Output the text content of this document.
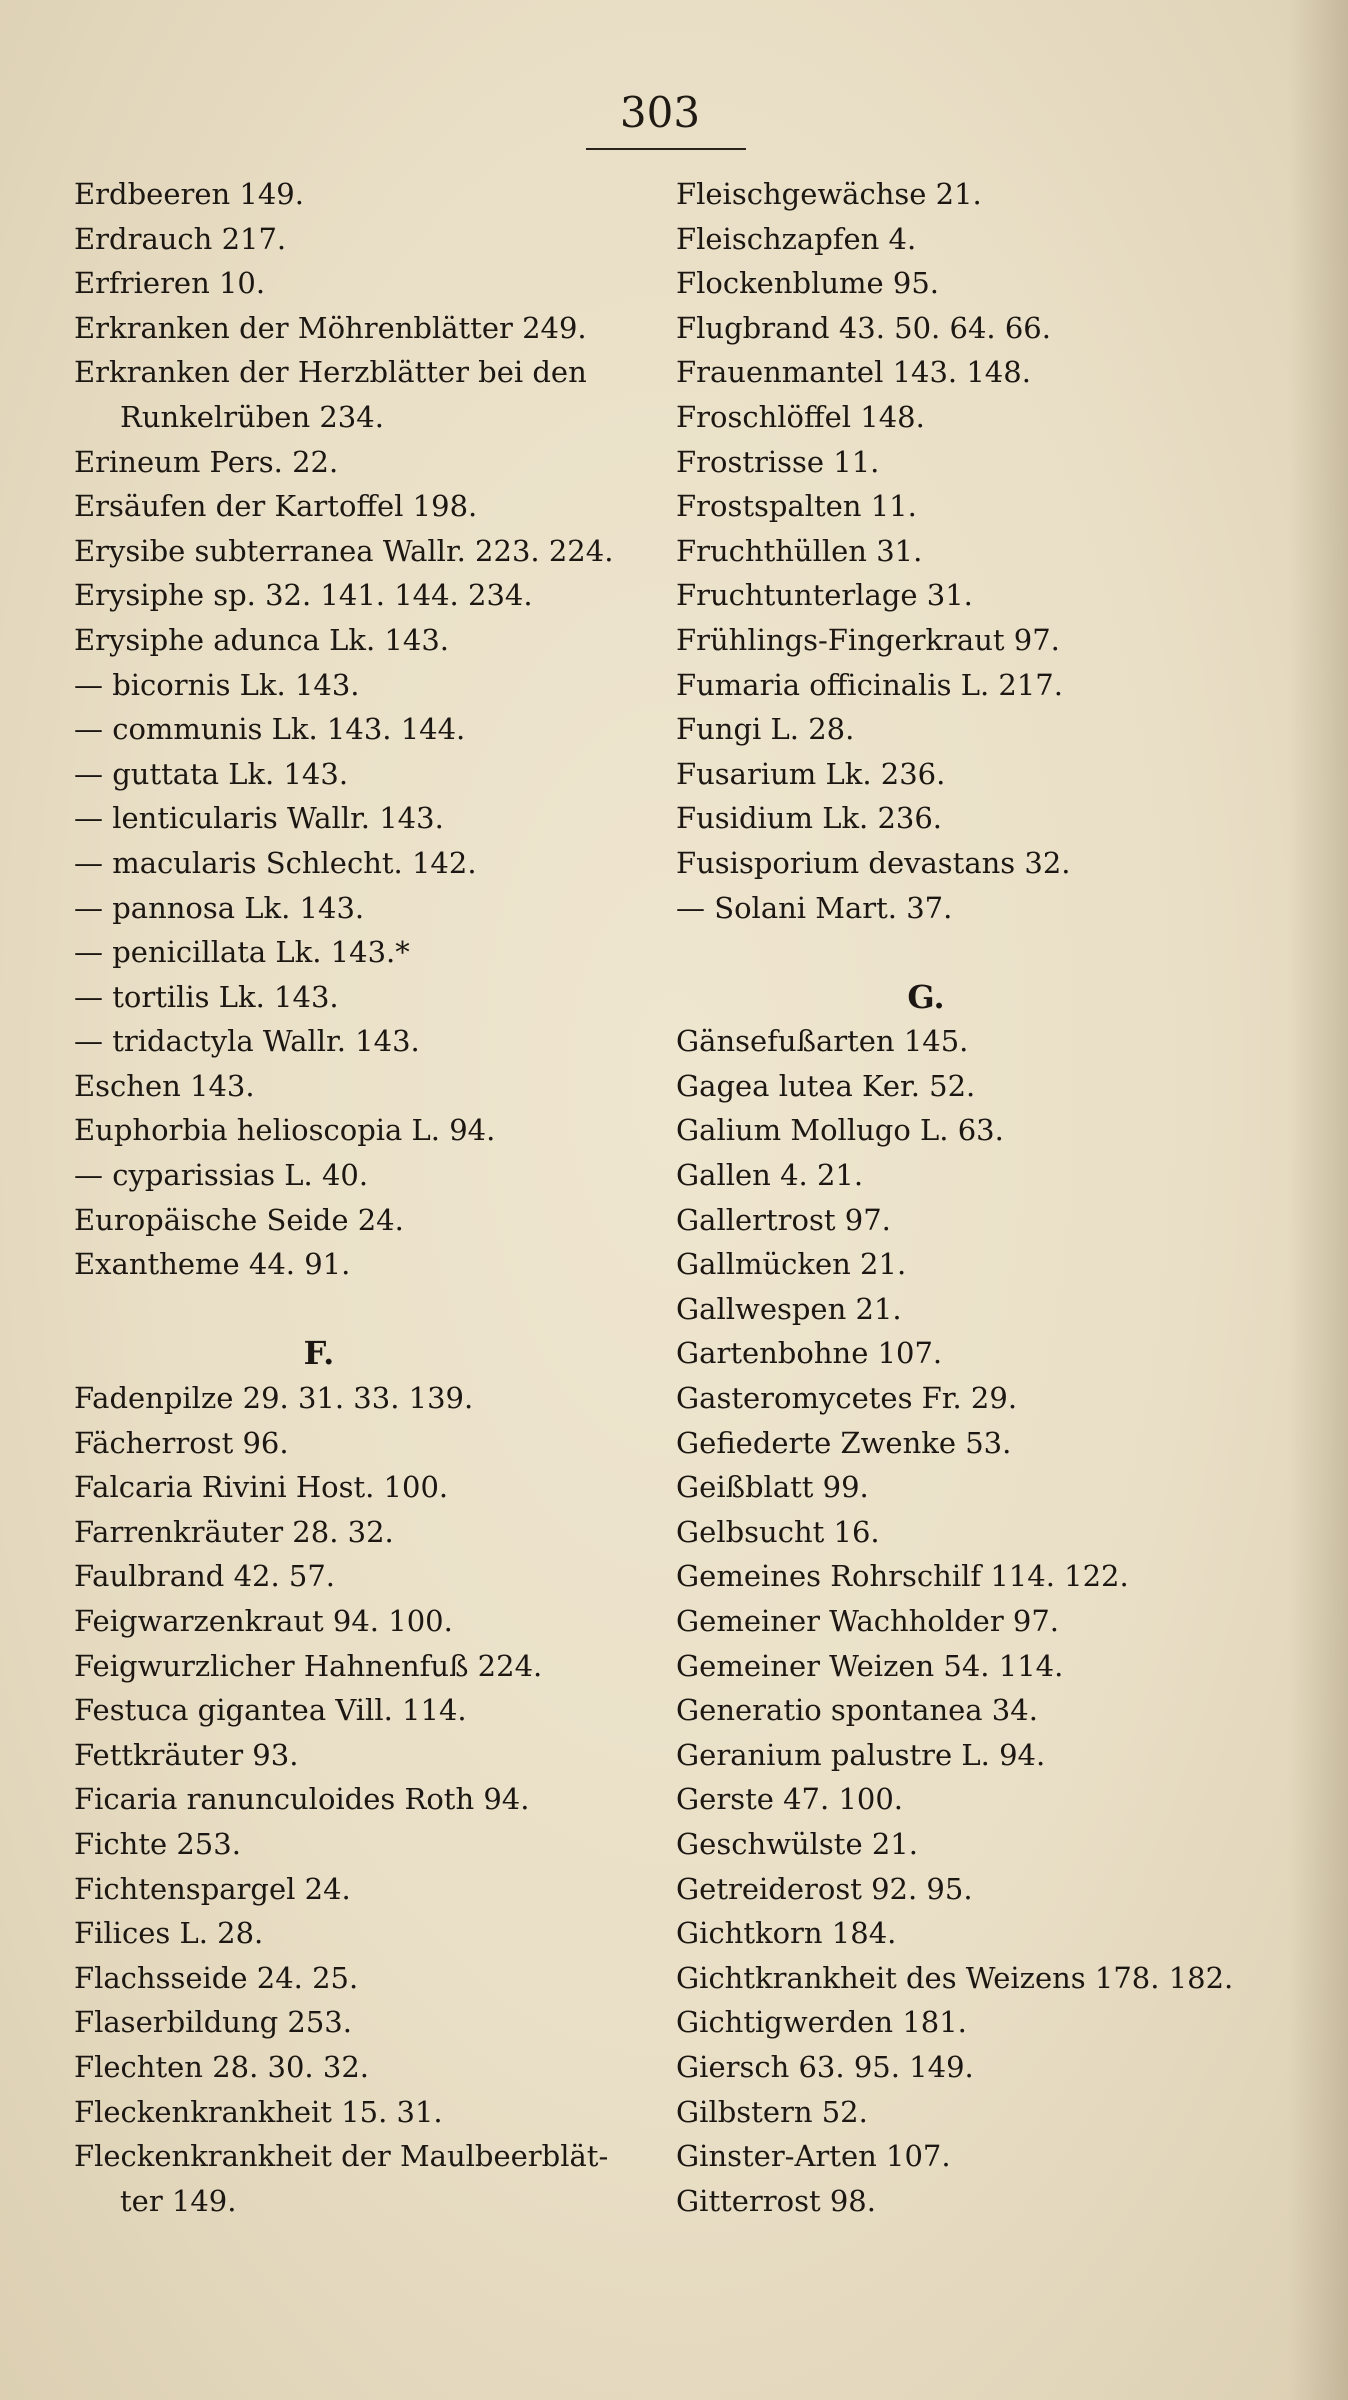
303
Erdbeeren 149.
Erdrauch 217.
Erfrieren 10.
Erkranken der Möhrenblätter 249.
Erkranken der Herzblätter bei den
Runkelrüben 234.
Erineum Pers. 22.
Ersäufen der Kartoffel 198.
Erysibe subterranea Wallr. 223. 224.
Erysiphe sp. 32. 141. 144. 234.
Erysiphe adunca Lk. 143.
— bicornis Lk. 143.
— communis Lk. 143. 144.
— guttata Lk. 143.
— lenticularis Wallr. 143.
— macularis Schlecht. 142.
— pannosa Lk. 143.
— penicillata Lk. 143.*
— tortilis Lk. 143.
— tridactyla Wallr. 143.
Eschen 143.
Euphorbia helioscopia L. 94.
— cyparissias L. 40.
Europäische Seide 24.
Exantheme 44. 91.
F.
Fadenpilze 29. 31. 33. 139.
Fächerrost 96.
Falcaria Rivini Host. 100.
Farrenkräuter 28. 32.
Faulbrand 42. 57.
Feigwarzenkraut 94. 100.
Feigwurzlicher Hahnenfuß 224.
Festuca gigantea Vill. 114.
Fettkräuter 93.
Ficaria ranunculoides Roth 94.
Fichte 253.
Fichtenspargel 24.
Filices L. 28.
Flachsseide 24. 25.
Flaserbildung 253.
Flechten 28. 30. 32.
Fleckenkrankheit 15. 31.
Fleckenkrankheit der Maulbeerblät-
ter 149.
Fleischgewächse 21.
Fleischzapfen 4.
Flockenblume 95.
Flugbrand 43. 50. 64. 66.
Frauenmantel 143. 148.
Froschlöffel 148.
Frostrisse 11.
Frostspalten 11.
Fruchthüllen 31.
Fruchtunterlage 31.
Frühlings-Fingerkraut 97.
Fumaria officinalis L. 217.
Fungi L. 28.
Fusarium Lk. 236.
Fusidium Lk. 236.
Fusisporium devastans 32.
— Solani Mart. 37.
G.
Gänsefußarten 145.
Gagea lutea Ker. 52.
Galium Mollugo L. 63.
Gallen 4. 21.
Gallertrost 97.
Gallmücken 21.
Gallwespen 21.
Gartenbohne 107.
Gasteromycetes Fr. 29.
Gefiederte Zwenke 53.
Geißblatt 99.
Gelbsucht 16.
Gemeines Rohrschilf 114. 122.
Gemeiner Wachholder 97.
Gemeiner Weizen 54. 114.
Generatio spontanea 34.
Geranium palustre L. 94.
Gerste 47. 100.
Geschwülste 21.
Getreiderost 92. 95.
Gichtkorn 184.
Gichtkrankheit des Weizens 178. 182.
Gichtigwerden 181.
Giersch 63. 95. 149.
Gilbstern 52.
Ginster-Arten 107.
Gitterrost 98.
